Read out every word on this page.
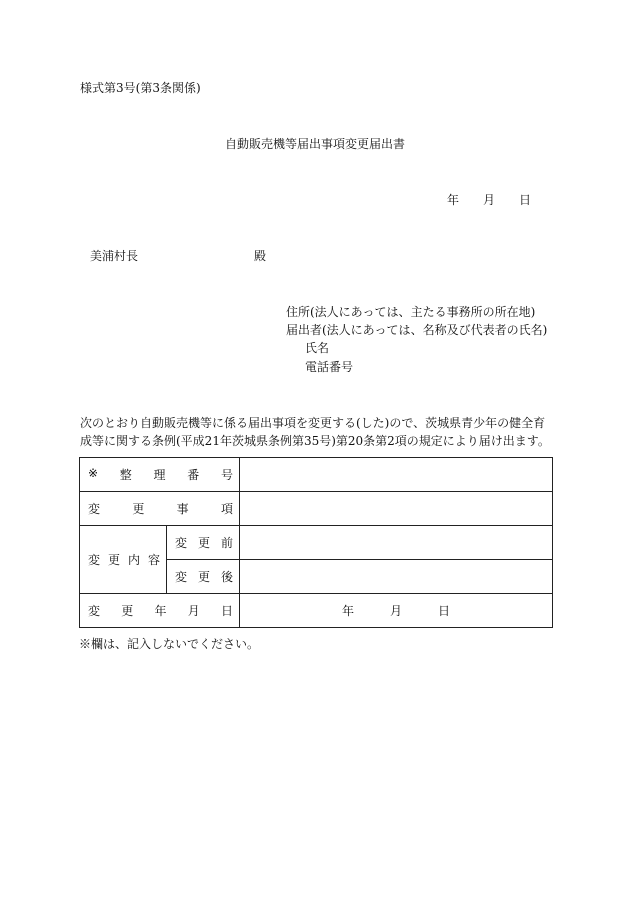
様式第3号(第3条関係)
自動販売機等届出事項変更届出書
年 月 日
美浦村長	殿
住所(法人にあっては、主たる事務所の所在地)
届出者(法人にあっては、名称及び代表者の氏名)
氏名
電話番号
次のとおり自動販売機等に係る届出事項を変更する(した)ので、茨城県青少年の健全育成等に関する条例(平成21年茨城県条例第35号)第20条第2項の規定により届け出ます。
※ 整 理 番 号		

変 更 事 項		

変 更 内 容	変 更 前	

	変 更 後	

変 更 年 月 日		年 月 日
※欄は、記入しないでください。
